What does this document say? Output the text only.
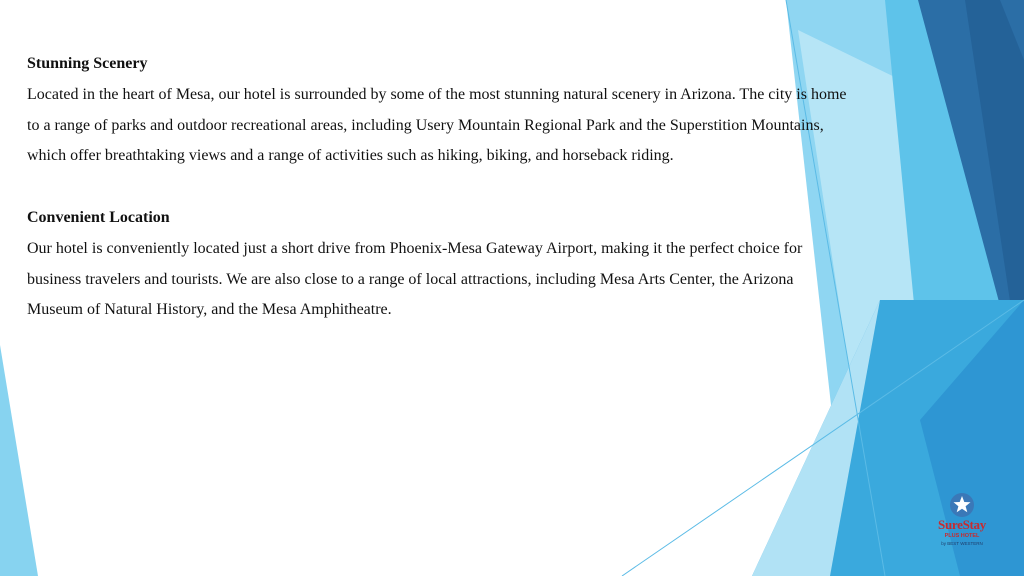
Stunning Scenery

Located in the heart of Mesa, our hotel is surrounded by some of the most stunning natural scenery in Arizona. The city is home to a range of parks and outdoor recreational areas, including Usery Mountain Regional Park and the Superstition Mountains, which offer breathtaking views and a range of activities such as hiking, biking, and horseback riding.

Convenient Location

Our hotel is conveniently located just a short drive from Phoenix-Mesa Gateway Airport, making it the perfect choice for business travelers and tourists. We are also close to a range of local attractions, including Mesa Arts Center, the Arizona Museum of Natural History, and the Mesa Amphitheatre.

SureStay
PLUS HOTEL
by BEST WESTERN
